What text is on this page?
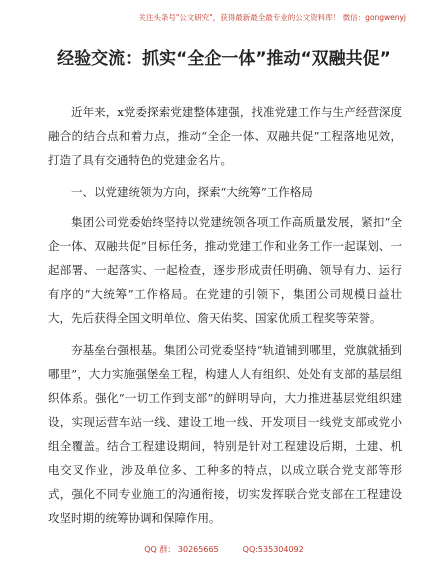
关注头条号"公文研究"，获得最新最全最专业的公文资料库！ 微信：gongwenyj
经验交流：抓实“全企一体”推动“双融共促”

近年来，x党委探索党建整体建强，找准党建工作与生产经营深度融合的结合点和着力点，推动“全企一体、双融共促”工程落地见效，打造了具有交通特色的党建金名片。

一、以党建统领为方向，探索“大统筹”工作格局

集团公司党委始终坚持以党建统领各项工作高质量发展，紧扣“全企一体、双融共促”目标任务，推动党建工作和业务工作一起谋划、一起部署、一起落实、一起检查，逐步形成责任明确、领导有力、运行有序的“大统筹”工作格局。在党建的引领下，集团公司规模日益壮大，先后获得全国文明单位、詹天佑奖、国家优质工程奖等荣誉。

夯基垒台强根基。集团公司党委坚持“轨道铺到哪里，党旗就插到哪里”，大力实施强堡垒工程，构建人人有组织、处处有支部的基层组织体系。强化“一切工作到支部”的鲜明导向，大力推进基层党组织建设，实现运营车站一线、建设工地一线、开发项目一线党支部或党小组全覆盖。结合工程建设期间，特别是针对工程建设后期，土建、机电交叉作业，涉及单位多、工种多的特点，以成立联合党支部等形式，强化不同专业施工的沟通衔接，切实发挥联合党支部在工程建设攻坚时期的统筹协调和保障作用。

QQ 群： 30265665	QQ:535304092
